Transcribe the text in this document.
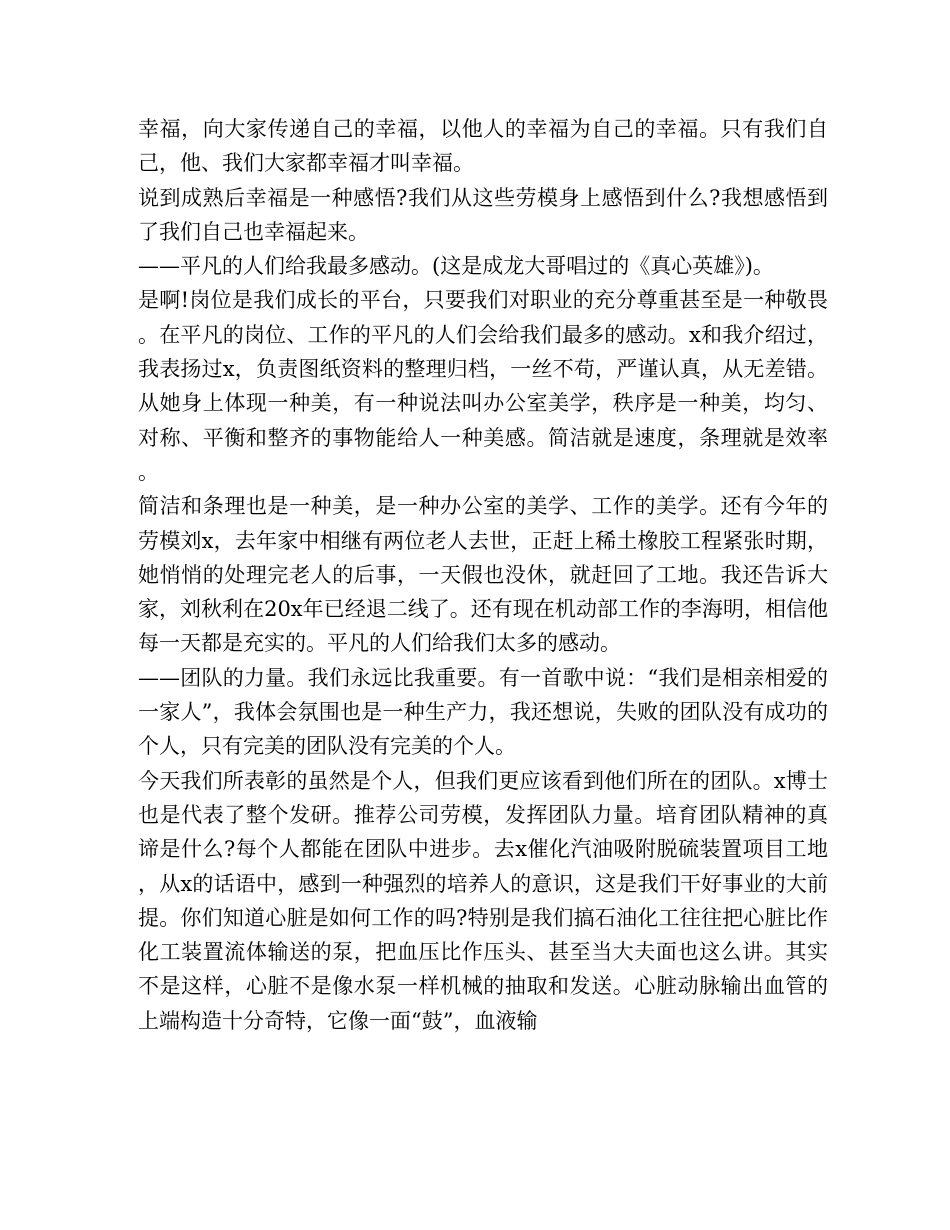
幸福，向大家传递自己的幸福，以他人的幸福为自己的幸福。只有我们自己，他、我们大家都幸福才叫幸福。

说到成熟后幸福是一种感悟?我们从这些劳模身上感悟到什么?我想感悟到了我们自己也幸福起来。

——平凡的人们给我最多感动。(这是成龙大哥唱过的《真心英雄》)。

是啊!岗位是我们成长的平台，只要我们对职业的充分尊重甚至是一种敬畏。在平凡的岗位、工作的平凡的人们会给我们最多的感动。x和我介绍过，我表扬过x，负责图纸资料的整理归档，一丝不苟，严谨认真，从无差错。从她身上体现一种美，有一种说法叫办公室美学，秩序是一种美，均匀、对称、平衡和整齐的事物能给人一种美感。简洁就是速度，条理就是效率。

简洁和条理也是一种美，是一种办公室的美学、工作的美学。还有今年的劳模刘x，去年家中相继有两位老人去世，正赶上稀土橡胶工程紧张时期，她悄悄的处理完老人的后事，一天假也没休，就赶回了工地。我还告诉大家，刘秋利在20x年已经退二线了。还有现在机动部工作的李海明，相信他每一天都是充实的。平凡的人们给我们太多的感动。

——团队的力量。我们永远比我重要。有一首歌中说：“我们是相亲相爱的一家人”，我体会氛围也是一种生产力，我还想说，失败的团队没有成功的个人，只有完美的团队没有完美的个人。

今天我们所表彰的虽然是个人，但我们更应该看到他们所在的团队。x博士也是代表了整个发研。推荐公司劳模，发挥团队力量。培育团队精神的真谛是什么?每个人都能在团队中进步。去x催化汽油吸附脱硫装置项目工地，从x的话语中，感到一种强烈的培养人的意识，这是我们干好事业的大前提。你们知道心脏是如何工作的吗?特别是我们搞石油化工往往把心脏比作化工装置流体输送的泵，把血压比作压头、甚至当大夫面也这么讲。其实不是这样，心脏不是像水泵一样机械的抽取和发送。心脏动脉输出血管的上端构造十分奇特，它像一面“鼓”，血液输
